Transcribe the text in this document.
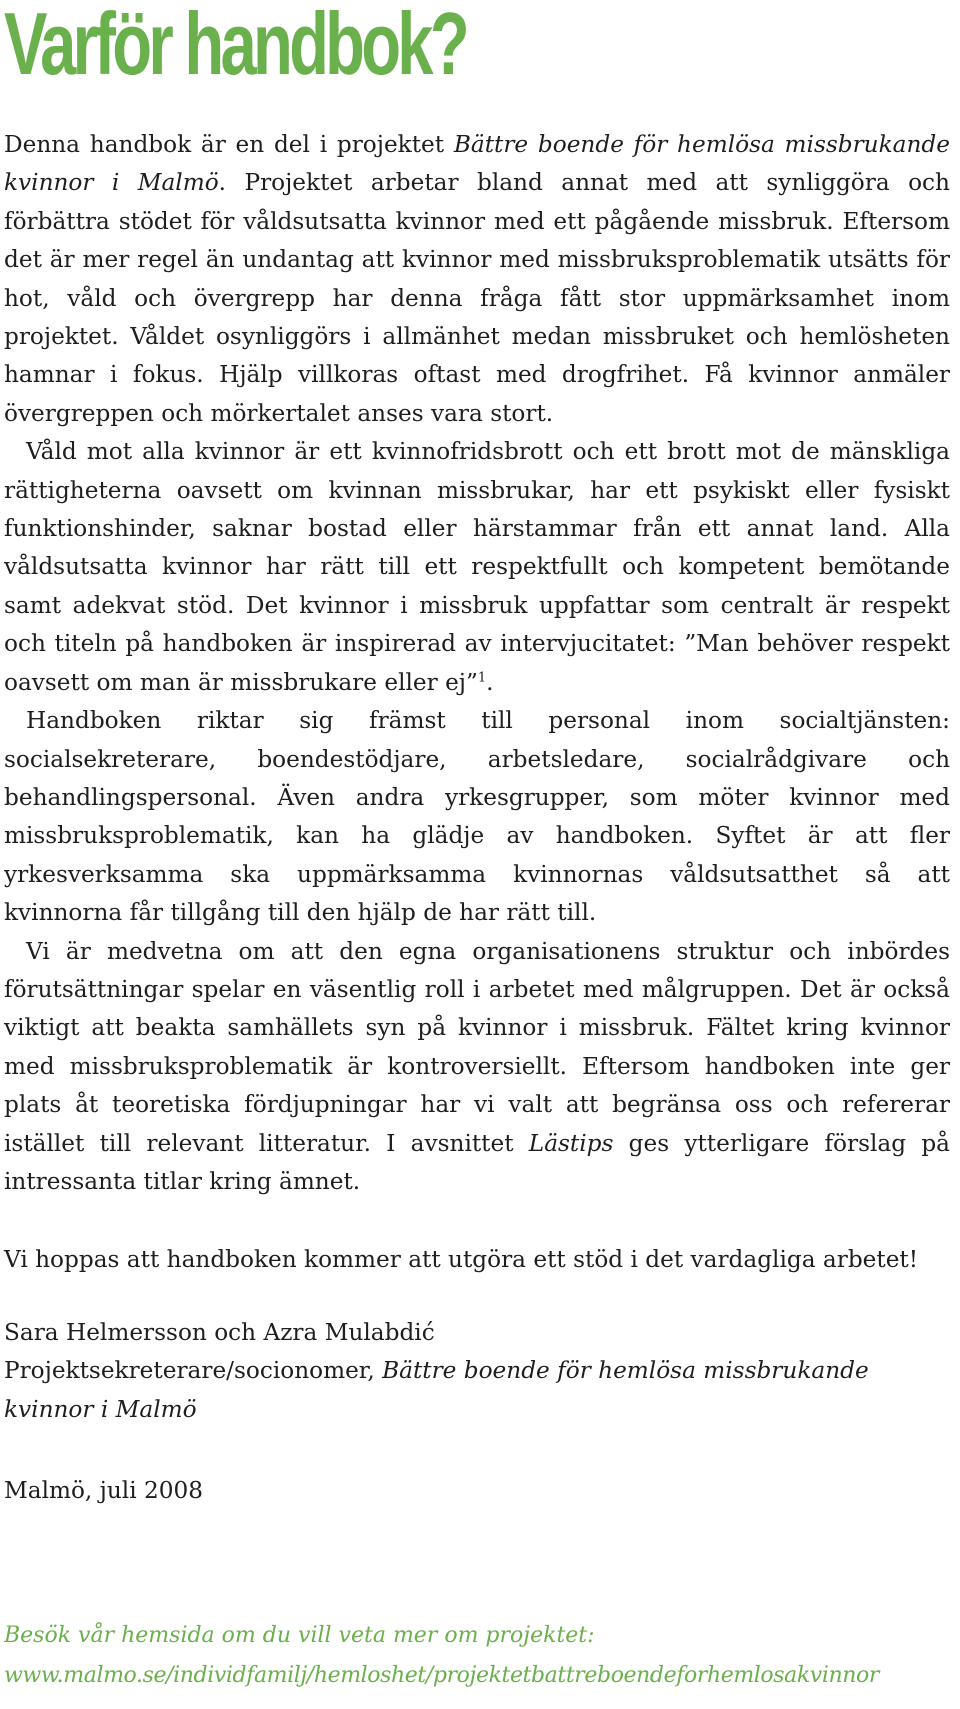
Varför handbok?

Denna handbok är en del i projektet Bättre boende för hemlösa missbrukande kvinnor i Malmö. Projektet arbetar bland annat med att synliggöra och förbättra stödet för våldsutsatta kvinnor med ett pågående missbruk. Eftersom det är mer regel än undantag att kvinnor med missbruksproblematik utsätts för hot, våld och övergrepp har denna fråga fått stor uppmärksamhet inom projektet. Våldet osynliggörs i allmänhet medan missbruket och hemlösheten hamnar i fokus. Hjälp villkoras oftast med drogfrihet. Få kvinnor anmäler övergreppen och mörkertalet anses vara stort.

Våld mot alla kvinnor är ett kvinnofridsbrott och ett brott mot de mänskliga rättigheterna oavsett om kvinnan missbrukar, har ett psykiskt eller fysiskt funktionshinder, saknar bostad eller härstammar från ett annat land. Alla våldsutsatta kvinnor har rätt till ett respektfullt och kompetent bemötande samt adekvat stöd. Det kvinnor i missbruk uppfattar som centralt är respekt och titeln på handboken är inspirerad av intervjucitatet: ”Man behöver respekt oavsett om man är missbrukare eller ej”$^1$.

Handboken riktar sig främst till personal inom socialtjänsten: socialsekreterare, boendestödjare, arbetsledare, socialrådgivare och behandlingspersonal. Även andra yrkesgrupper, som möter kvinnor med missbruksproblematik, kan ha glädje av handboken. Syftet är att fler yrkesverksamma ska uppmärksamma kvinnornas våldsutsatthet så att kvinnorna får tillgång till den hjälp de har rätt till.

Vi är medvetna om att den egna organisationens struktur och inbördes förutsättningar spelar en väsentlig roll i arbetet med målgruppen. Det är också viktigt att beakta samhällets syn på kvinnor i missbruk. Fältet kring kvinnor med missbruksproblematik är kontroversiellt. Eftersom handboken inte ger plats åt teoretiska fördjupningar har vi valt att begränsa oss och refererar istället till relevant litteratur. I avsnittet Lästips ges ytterligare förslag på intressanta titlar kring ämnet.

Vi hoppas att handboken kommer att utgöra ett stöd i det vardagliga arbetet!

Sara Helmersson och Azra Mulabdić
Projektsekreterare/socionomer, Bättre boende för hemlösa missbrukande kvinnor i Malmö
Malmö, juli 2008
Besök vår hemsida om du vill veta mer om projektet:
www.malmo.se/individfamilj/hemloshet/projektetbattreboendeforhemlosakvinnor
